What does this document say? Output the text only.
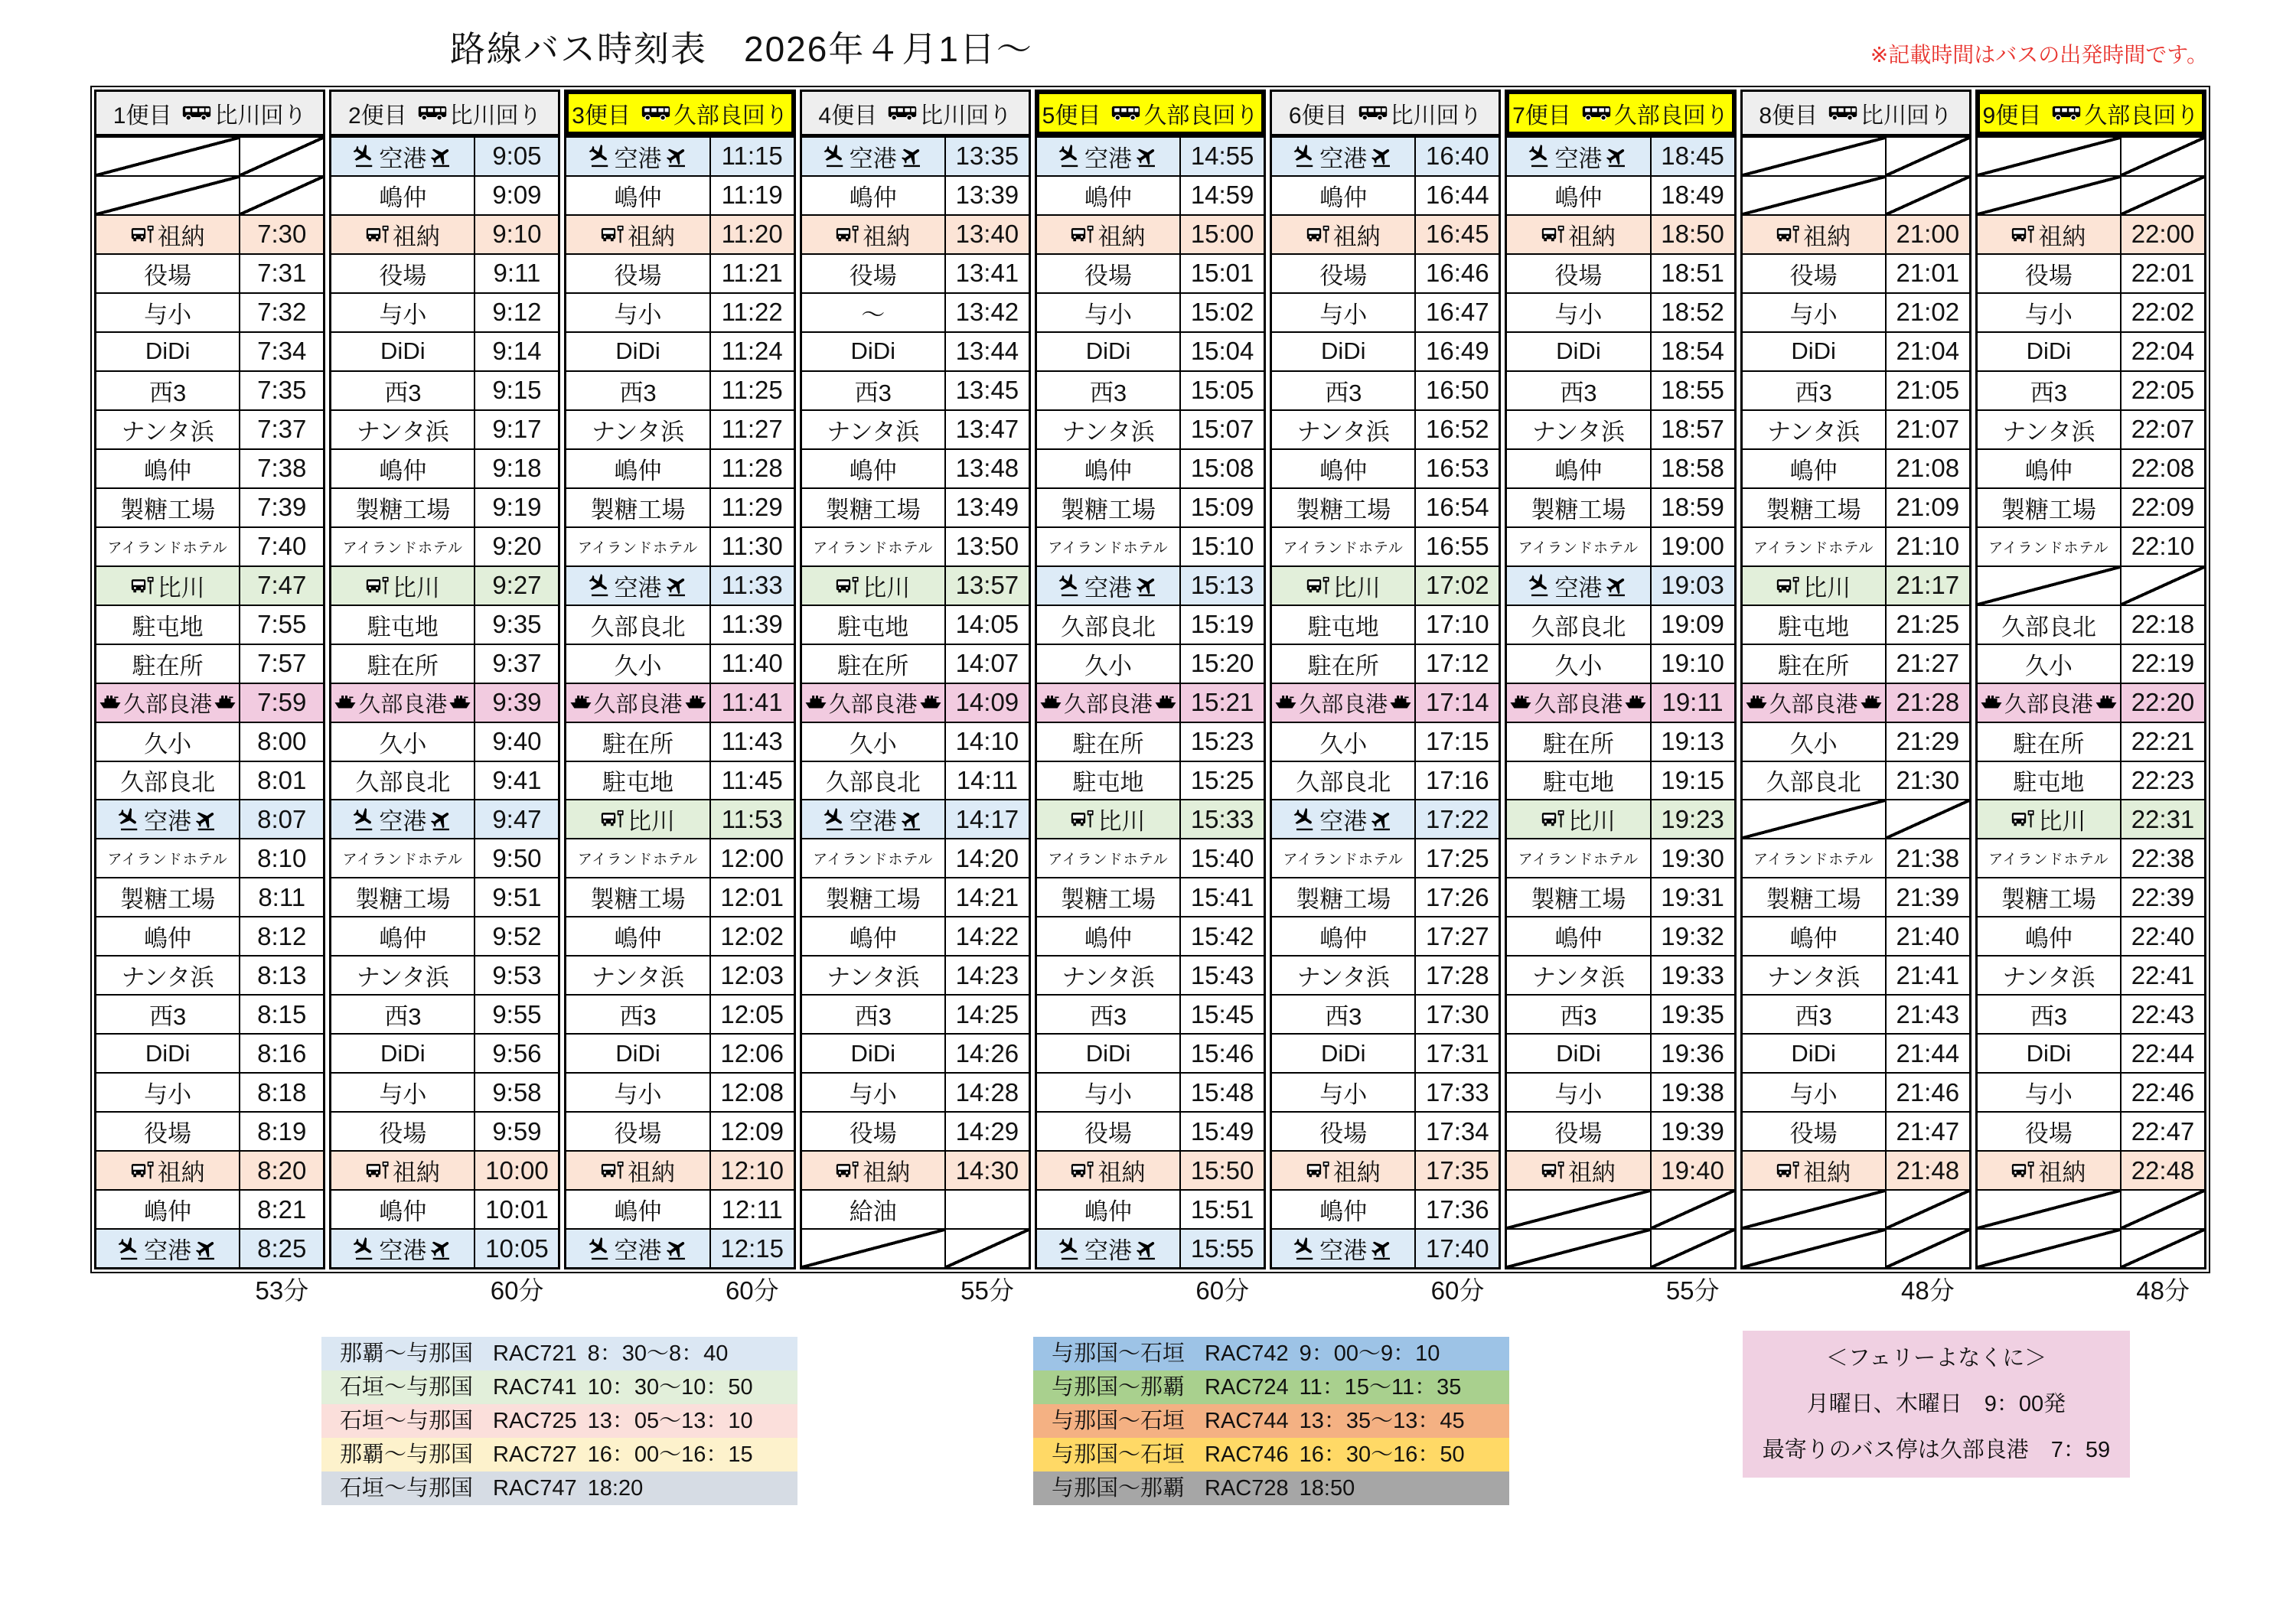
路線バス時刻表　2026年４月1日～	※記載時間はバスの出発時間です。
1便目 比川回り
祖納	7:30
役場	7:31
与小	7:32
DiDi	7:34
西3	7:35
ナンタ浜	7:37
嶋仲	7:38
製糖工場	7:39
アイランドホテル	7:40
比川	7:47
駐屯地	7:55
駐在所	7:57
久部良港	7:59
久小	8:00
久部良北	8:01
空港	8:07
アイランドホテル	8:10
製糖工場	8:11
嶋仲	8:12
ナンタ浜	8:13
西3	8:15
DiDi	8:16
与小	8:18
役場	8:19
祖納	8:20
嶋仲	8:21
空港	8:25
2便目 比川回り
空港	9:05
嶋仲	9:09
祖納	9:10
役場	9:11
与小	9:12
DiDi	9:14
西3	9:15
ナンタ浜	9:17
嶋仲	9:18
製糖工場	9:19
アイランドホテル	9:20
比川	9:27
駐屯地	9:35
駐在所	9:37
久部良港	9:39
久小	9:40
久部良北	9:41
空港	9:47
アイランドホテル	9:50
製糖工場	9:51
嶋仲	9:52
ナンタ浜	9:53
西3	9:55
DiDi	9:56
与小	9:58
役場	9:59
祖納	10:00
嶋仲	10:01
空港	10:05
3便目 久部良回り
空港	11:15
嶋仲	11:19
祖納	11:20
役場	11:21
与小	11:22
DiDi	11:24
西3	11:25
ナンタ浜	11:27
嶋仲	11:28
製糖工場	11:29
アイランドホテル 11:30
空港	11:33
久部良北	11:39
久小	11:40
久部良港	11:41
駐在所	11:43
駐屯地	11:45
比川	11:53
アイランドホテル 12:00
製糖工場	12:01
嶋仲	12:02
ナンタ浜	12:03
西3	12:05
DiDi	12:06
与小	12:08
役場	12:09
祖納	12:10
嶋仲	12:11
空港	12:15
4便目 比川回り
空港	13:35
嶋仲	13:39
祖納	13:40
役場	13:41
～	13:42
DiDi	13:44
西3	13:45
ナンタ浜	13:47
嶋仲	13:48
製糖工場	13:49
アイランドホテル 13:50
比川	13:57
駐屯地	14:05
駐在所	14:07
久部良港	14:09
久小	14:10
久部良北	14:11
空港	14:17
アイランドホテル 14:20
製糖工場	14:21
嶋仲	14:22
ナンタ浜	14:23
西3	14:25
DiDi	14:26
与小	14:28
役場	14:29
祖納	14:30
給油
5便目 久部良回り
空港	14:55
嶋仲	14:59
祖納	15:00
役場	15:01
与小	15:02
DiDi	15:04
西3	15:05
ナンタ浜	15:07
嶋仲	15:08
製糖工場	15:09
アイランドホテル 15:10
空港	15:13
久部良北	15:19
久小	15:20
久部良港	15:21
駐在所	15:23
駐屯地	15:25
比川	15:33
アイランドホテル 15:40
製糖工場	15:41
嶋仲	15:42
ナンタ浜	15:43
西3	15:45
DiDi	15:46
与小	15:48
役場	15:49
祖納	15:50
嶋仲	15:51
空港	15:55
6便目 比川回り
空港	16:40
嶋仲	16:44
祖納	16:45
役場	16:46
与小	16:47
DiDi	16:49
西3	16:50
ナンタ浜	16:52
嶋仲	16:53
製糖工場	16:54
アイランドホテル 16:55
比川	17:02
駐屯地	17:10
駐在所	17:12
久部良港	17:14
久小	17:15
久部良北	17:16
空港	17:22
アイランドホテル 17:25
製糖工場	17:26
嶋仲	17:27
ナンタ浜	17:28
西3	17:30
DiDi	17:31
与小	17:33
役場	17:34
祖納	17:35
嶋仲	17:36
空港	17:40
7便目 久部良回り
空港	18:45
嶋仲	18:49
祖納	18:50
役場	18:51
与小	18:52
DiDi	18:54
西3	18:55
ナンタ浜	18:57
嶋仲	18:58
製糖工場	18:59
アイランドホテル 19:00
空港	19:03
久部良北	19:09
久小	19:10
久部良港	19:11
駐在所	19:13
駐屯地	19:15
比川	19:23
アイランドホテル 19:30
製糖工場	19:31
嶋仲	19:32
ナンタ浜	19:33
西3	19:35
DiDi	19:36
与小	19:38
役場	19:39
祖納	19:40
8便目 比川回り
祖納	21:00
役場	21:01
与小	21:02
DiDi	21:04
西3	21:05
ナンタ浜	21:07
嶋仲	21:08
製糖工場	21:09
アイランドホテル 21:10
比川	21:17
駐屯地	21:25
駐在所	21:27
久部良港	21:28
久小	21:29
久部良北	21:30
アイランドホテル 21:38
製糖工場	21:39
嶋仲	21:40
ナンタ浜	21:41
西3	21:43
DiDi	21:44
与小	21:46
役場	21:47
祖納	21:48
9便目 久部良回り
祖納	22:00
役場	22:01
与小	22:02
DiDi	22:04
西3	22:05
ナンタ浜	22:07
嶋仲	22:08
製糖工場	22:09
アイランドホテル 22:10
久部良北	22:18
久小	22:19
久部良港	22:20
駐在所	22:21
駐屯地	22:23
比川	22:31
アイランドホテル 22:38
製糖工場	22:39
嶋仲	22:40
ナンタ浜	22:41
西3	22:43
DiDi	22:44
与小	22:46
役場	22:47
祖納	22:48
53分	60分	60分	55分	60分	60分	55分	48分	48分
那覇～与那国 RAC721 8：30～8：40
石垣～与那国 RAC741 10：30～10：50
石垣～与那国 RAC725 13：05～13：10
那覇～与那国 RAC727 16：00～16：15
石垣～与那国 RAC747 18:20
与那国～石垣 RAC742 9：00～9：10
与那国～那覇 RAC724 11：15～11：35
与那国～石垣 RAC744 13：35～13：45
与那国～石垣 RAC746 16：30～16：50
与那国～那覇 RAC728 18:50
＜フェリーよなくに＞
月曜日、木曜日　9：00発
最寄りのバス停は久部良港　7：59
